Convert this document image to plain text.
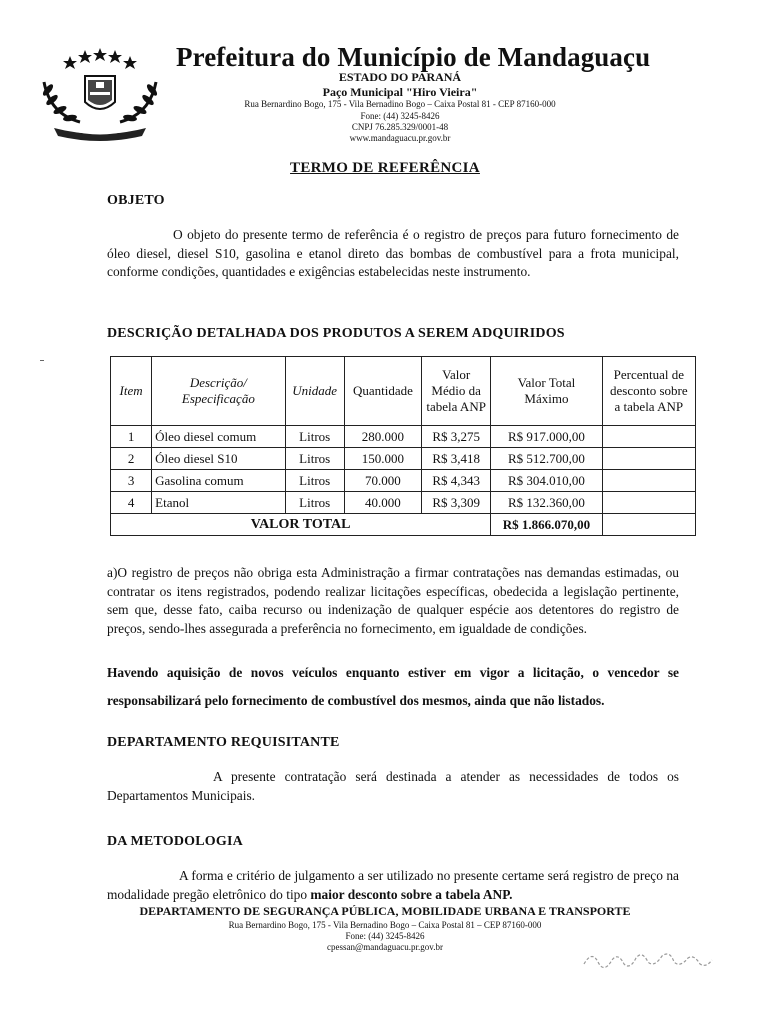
Prefeitura do Município de Mandaguaçu
ESTADO DO PARANÁ
Paço Municipal "Hiro Vieira"
Rua Bernardino Bogo, 175 - Vila Bernadino Bogo – Caixa Postal 81 - CEP 87160-000
Fone: (44) 3245-8426
CNPJ 76.285.329/0001-48
www.mandaguacu.pr.gov.br
TERMO DE REFERÊNCIA
OBJETO
O objeto do presente termo de referência é o registro de preços para futuro fornecimento de óleo diesel, diesel S10, gasolina e etanol direto das bombas de combustível para a frota municipal, conforme condições, quantidades e exigências estabelecidas neste instrumento.
DESCRIÇÃO DETALHADA DOS PRODUTOS A SEREM ADQUIRIDOS
Item	Descrição/ Especificação	Unidade	Quantidade	Valor Médio da tabela ANP	Valor Total Máximo	Percentual de desconto sobre a tabela ANP
1	Óleo diesel comum	Litros	280.000	R$ 3,275	R$ 917.000,00	
2	Óleo diesel S10	Litros	150.000	R$ 3,418	R$ 512.700,00	
3	Gasolina comum	Litros	70.000	R$ 4,343	R$ 304.010,00	
4	Etanol	Litros	40.000	R$ 3,309	R$ 132.360,00	
VALOR TOTAL					R$ 1.866.070,00	
a)O registro de preços não obriga esta Administração a firmar contratações nas demandas estimadas, ou contratar os itens registrados, podendo realizar licitações específicas, obedecida a legislação pertinente, sem que, desse fato, caiba recurso ou indenização de qualquer espécie aos detentores do registro de preços, sendo-lhes assegurada a preferência no fornecimento, em igualdade de condições.
Havendo aquisição de novos veículos enquanto estiver em vigor a licitação, o vencedor se responsabilizará pelo fornecimento de combustível dos mesmos, ainda que não listados.
DEPARTAMENTO REQUISITANTE
A presente contratação será destinada a atender as necessidades de todos os Departamentos Municipais.
DA METODOLOGIA
A forma e critério de julgamento a ser utilizado no presente certame será registro de preço na modalidade pregão eletrônico do tipo maior desconto sobre a tabela ANP.
DEPARTAMENTO DE SEGURANÇA PÚBLICA, MOBILIDADE URBANA E TRANSPORTE
Rua Bernardino Bogo, 175 - Vila Bernadino Bogo – Caixa Postal 81 – CEP 87160-000
Fone: (44) 3245-8426
cpessan@mandaguacu.pr.gov.br
